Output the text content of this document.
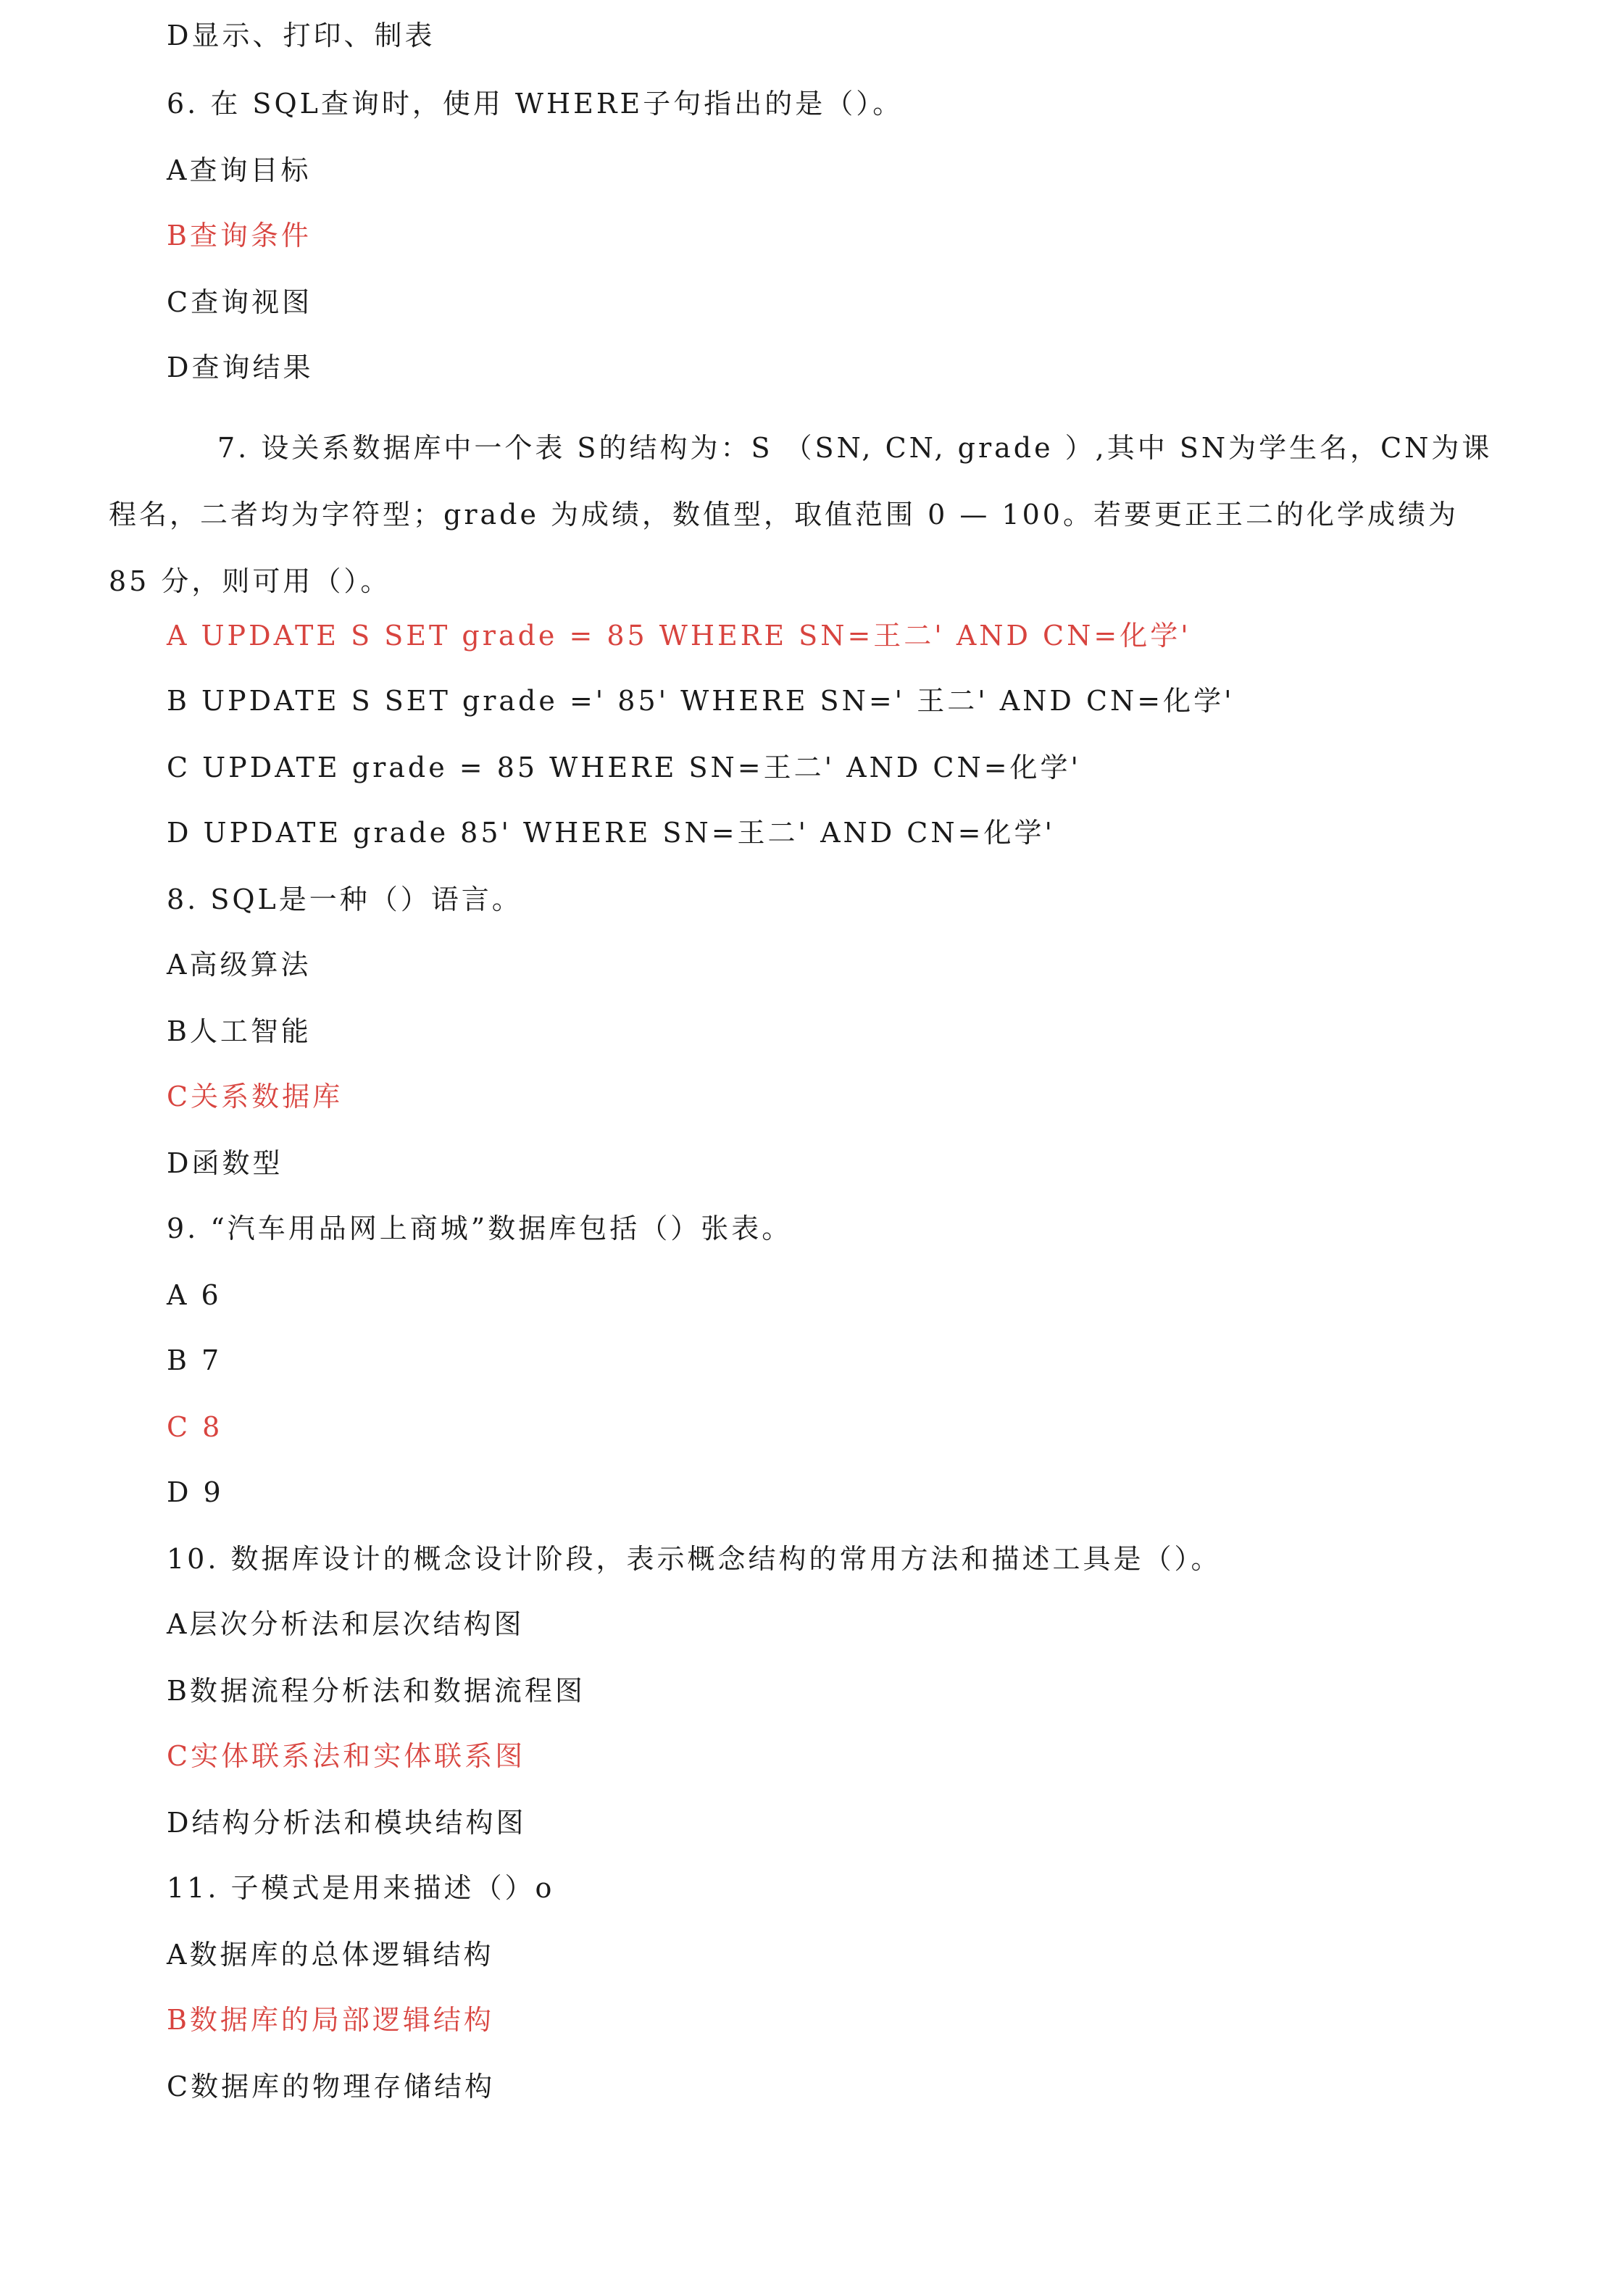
D显示、打印、制表
6. 在 SQL查询时，使用 WHERE子句指出的是（）。
A查询目标
B查询条件
C查询视图
D查询结果
7. 设关系数据库中一个表 S的结构为：S （SN, CN, grade ）,其中 SN为学生名，CN为课程名，二者均为字符型；grade 为成绩，数值型，取值范围 0 — 100。若要更正王二的化学成绩为 85 分，则可用（）。
A UPDATE S SET grade = 85 WHERE SN=王二' AND CN=化学'
B UPDATE S SET grade =' 85' WHERE SN=' 王二' AND CN=化学'
C UPDATE grade = 85 WHERE SN=王二' AND CN=化学'
D UPDATE grade 85' WHERE SN=王二' AND CN=化学'
8. SQL是一种（）语言。
A高级算法
B人工智能
C关系数据库
D函数型
9. “汽车用品网上商城”数据库包括（）张表。
A 6
B 7
C 8
D 9
10. 数据库设计的概念设计阶段，表示概念结构的常用方法和描述工具是（）。
A层次分析法和层次结构图
B数据流程分析法和数据流程图
C实体联系法和实体联系图
D结构分析法和模块结构图
11. 子模式是用来描述（）o
A数据库的总体逻辑结构
B数据库的局部逻辑结构
C数据库的物理存储结构
